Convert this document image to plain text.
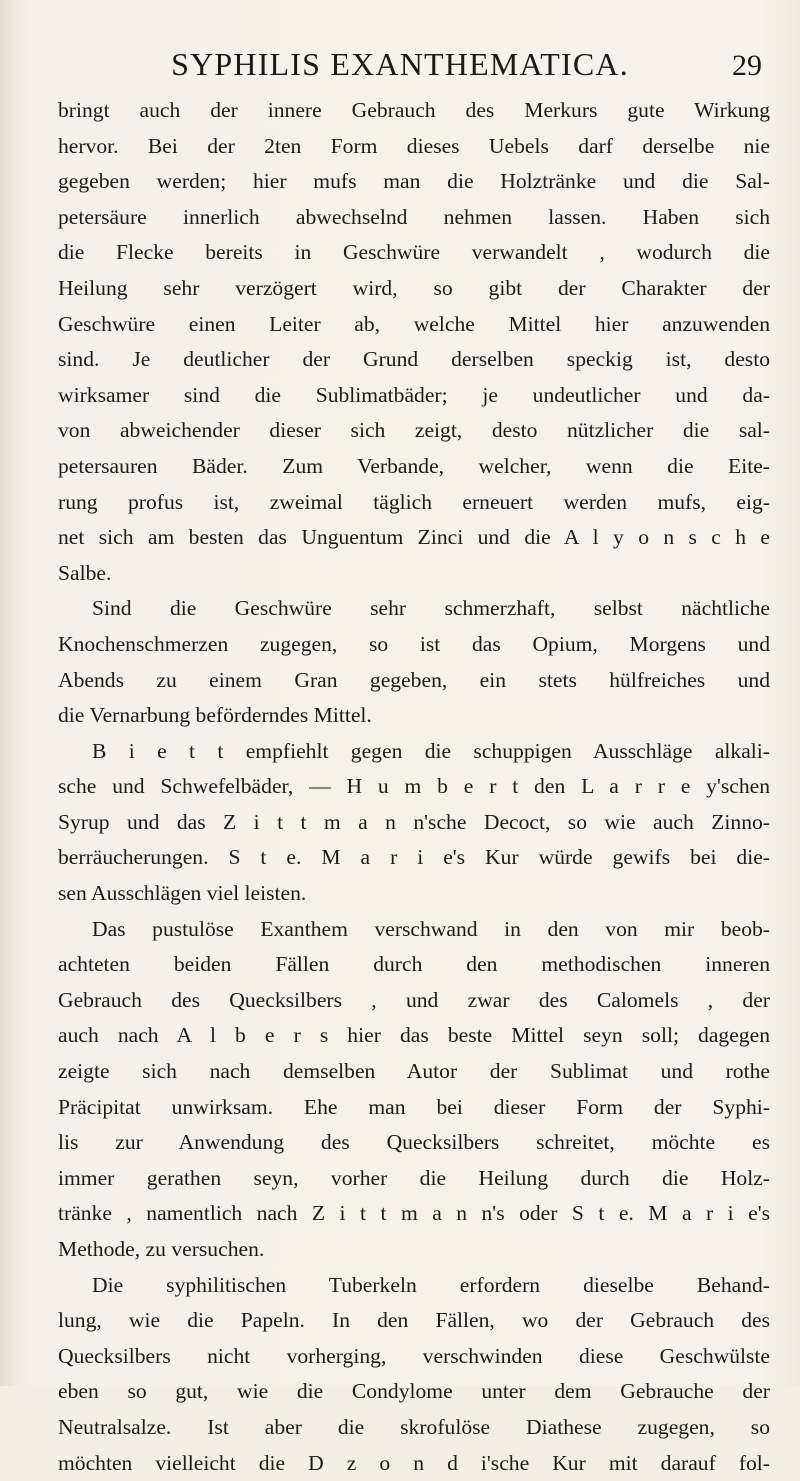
SYPHILIS EXANTHEMATICA.	29
bringt auch der innere Gebrauch des Merkurs gute Wirkung
hervor. Bei der 2ten Form dieses Uebels darf derselbe nie
gegeben werden; hier mufs man die Holztränke und die Sal-
petersäure innerlich abwechselnd nehmen lassen. Haben sich
die Flecke bereits in Geschwüre verwandelt , wodurch die
Heilung sehr verzögert wird, so gibt der Charakter der
Geschwüre einen Leiter ab, welche Mittel hier anzuwenden
sind. Je deutlicher der Grund derselben speckig ist, desto
wirksamer sind die Sublimatbäder; je undeutlicher und da-
von abweichender dieser sich zeigt, desto nützlicher die sal-
petersauren Bäder. Zum Verbande, welcher, wenn die Eite-
rung profus ist, zweimal täglich erneuert werden mufs, eig-
net sich am besten das Unguentum Zinci und die A l y o n s c h e
Salbe.
Sind die Geschwüre sehr schmerzhaft, selbst nächtliche
Knochenschmerzen zugegen, so ist das Opium, Morgens und
Abends zu einem Gran gegeben, ein stets hülfreiches und
die Vernarbung beförderndes Mittel.
B i e t t empfiehlt gegen die schuppigen Ausschläge alkali-
sche und Schwefelbäder, — H u m b e r t den L a r r e y'schen
Syrup und das Z i t t m a n n'sche Decoct, so wie auch Zinno-
berräucherungen. S t e. M a r i e's Kur würde gewifs bei die-
sen Ausschlägen viel leisten.
Das pustulöse Exanthem verschwand in den von mir beob-
achteten beiden Fällen durch den methodischen inneren
Gebrauch des Quecksilbers , und zwar des Calomels , der
auch nach A l b e r s hier das beste Mittel seyn soll; dagegen
zeigte sich nach demselben Autor der Sublimat und rothe
Präcipitat unwirksam. Ehe man bei dieser Form der Syphi-
lis zur Anwendung des Quecksilbers schreitet, möchte es
immer gerathen seyn, vorher die Heilung durch die Holz-
tränke , namentlich nach Z i t t m a n n's oder S t e. M a r i e's
Methode, zu versuchen.
Die syphilitischen Tuberkeln erfordern dieselbe Behand-
lung, wie die Papeln. In den Fällen, wo der Gebrauch des
Quecksilbers nicht vorherging, verschwinden diese Geschwülste
eben so gut, wie die Condylome unter dem Gebrauche der
Neutralsalze. Ist aber die skrofulöse Diathese zugegen, so
möchten vielleicht die D z o n d i'sche Kur mit darauf fol-
